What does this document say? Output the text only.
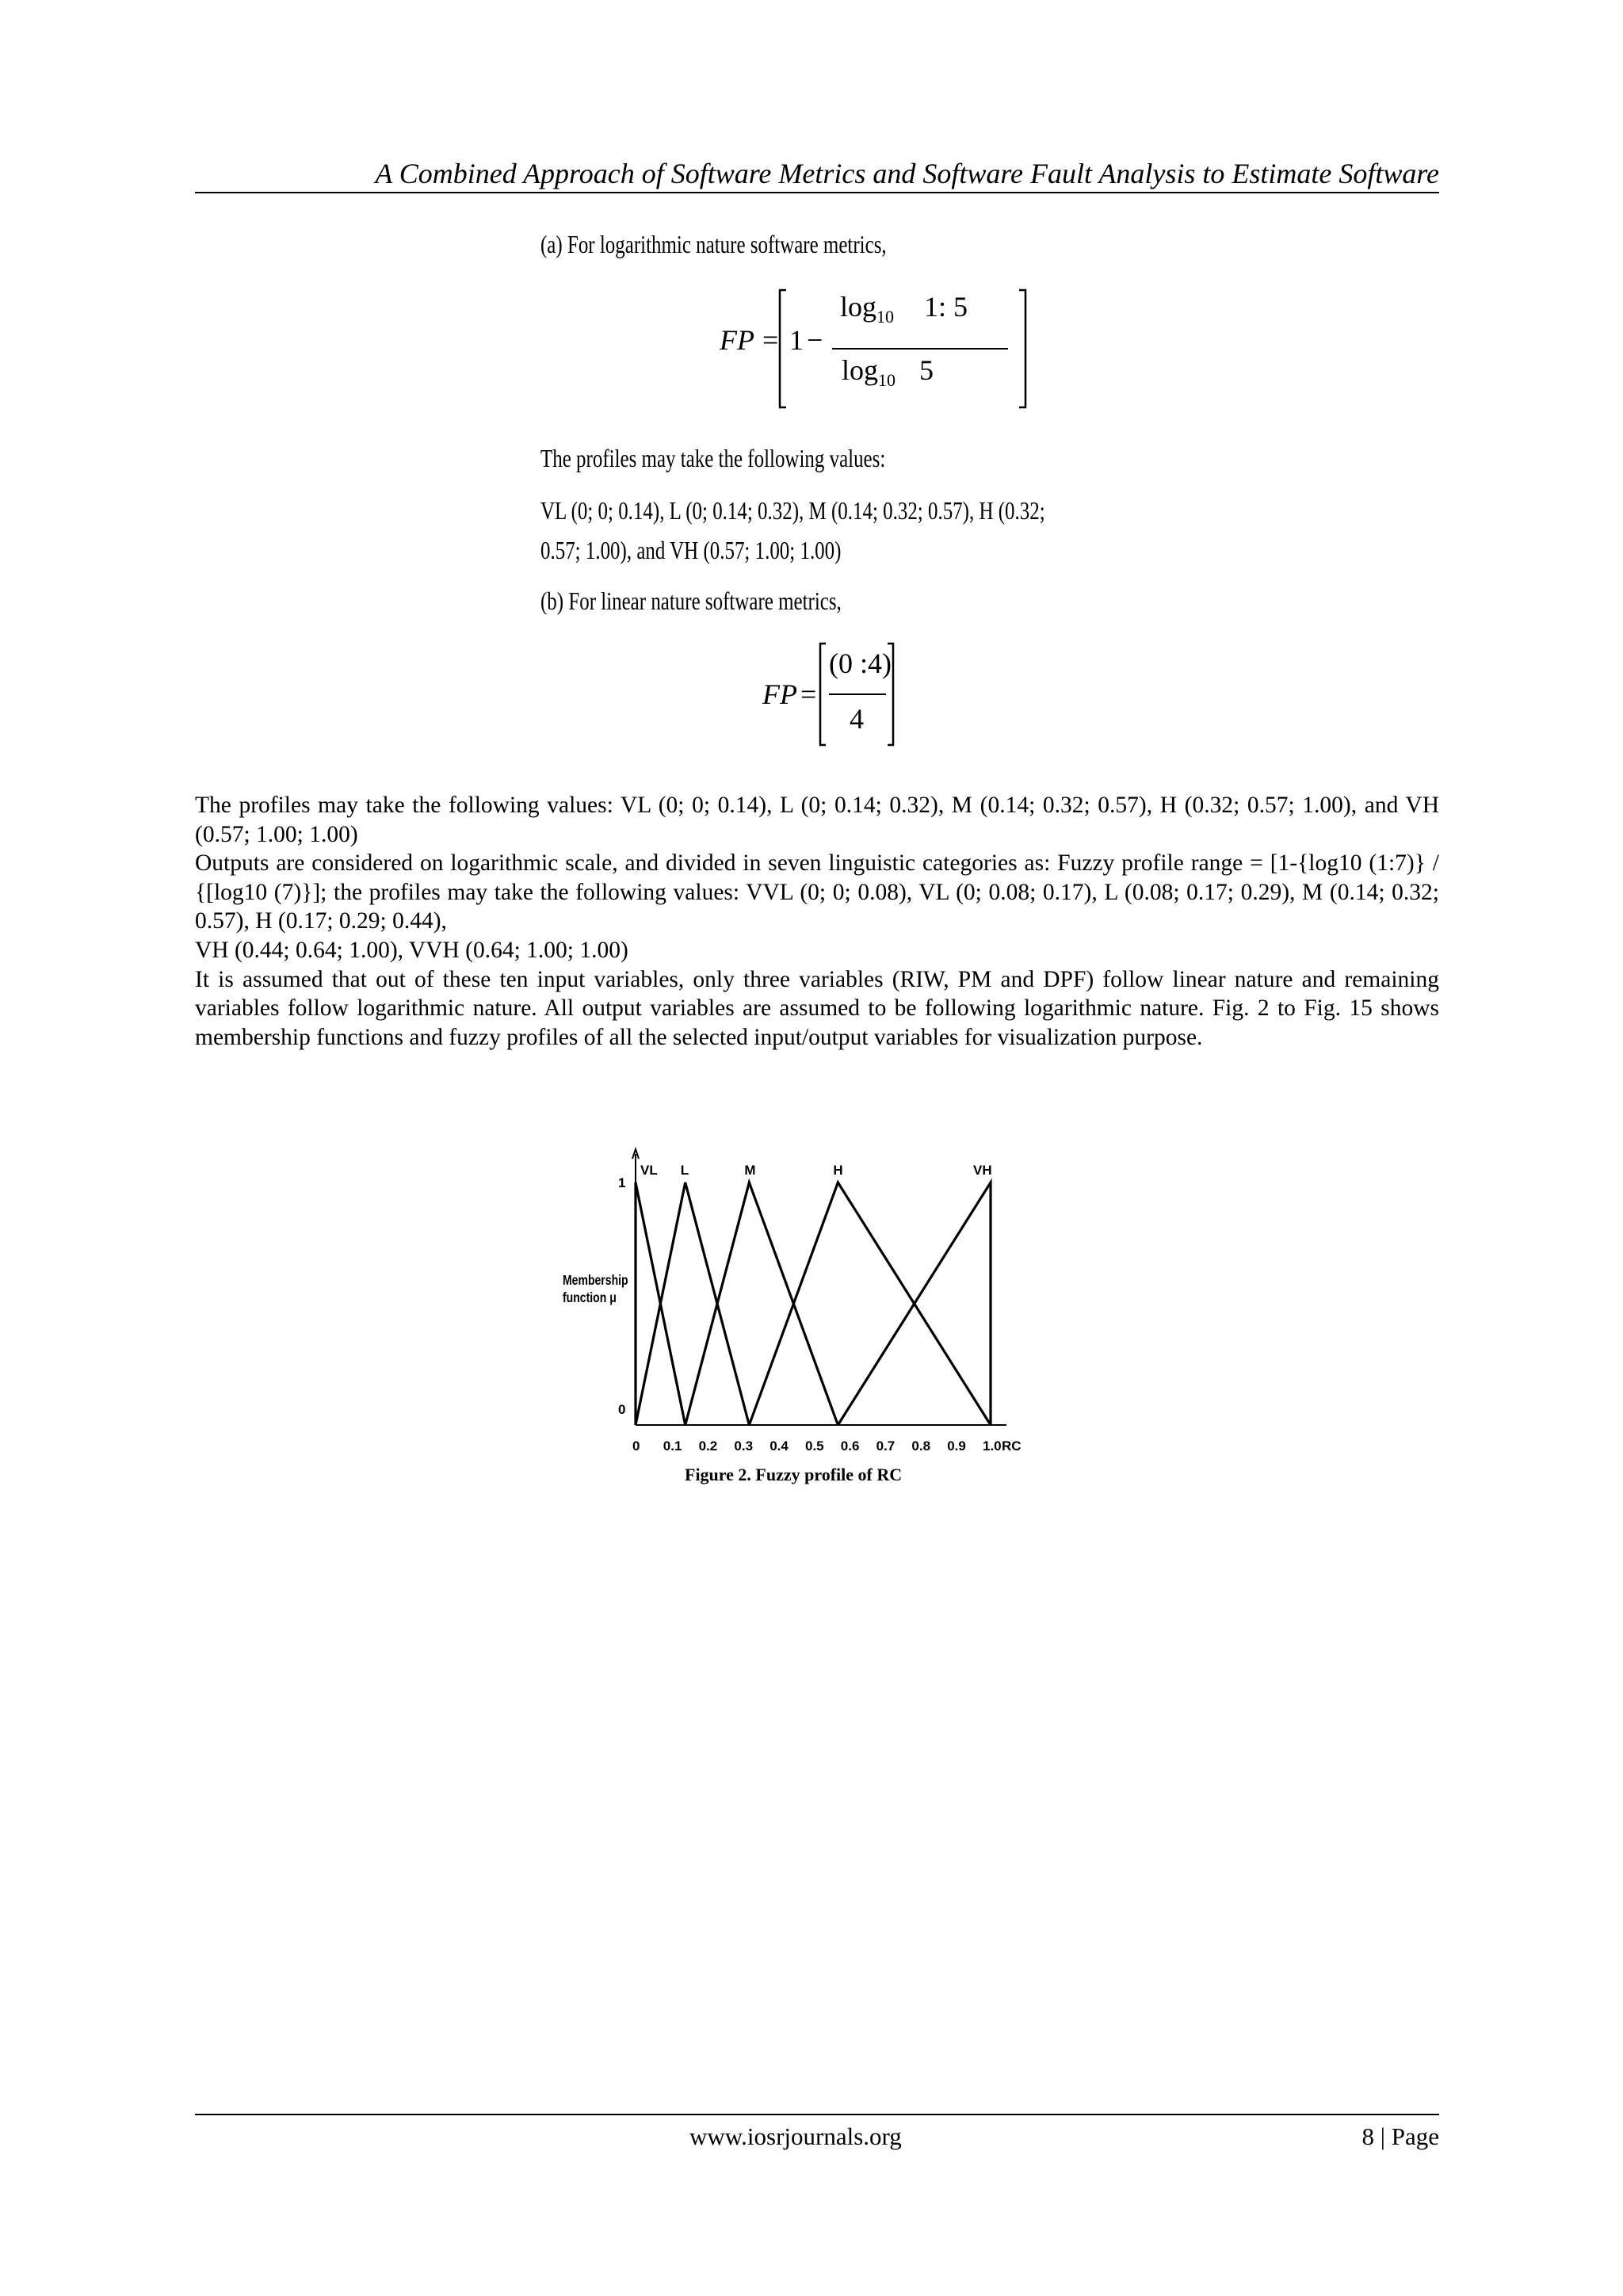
A Combined Approach of Software Metrics and Software Fault Analysis to Estimate Software
(a) For logarithmic nature software metrics,
FP = 1 −
$\log_{10} 1$: 5
$\log_{10} 5$
The profiles may take the following values:
VL (0; 0; 0.14), L (0; 0.14; 0.32), M (0.14; 0.32; 0.57), H (0.32;
0.57; 1.00), and VH (0.57; 1.00; 1.00)
(b) For linear nature software metrics,
FP =
(0 :4)
4

The profiles may take the following values: VL (0; 0; 0.14), L (0; 0.14; 0.32), M (0.14; 0.32; 0.57), H (0.32; 0.57; 1.00), and VH (0.57; 1.00; 1.00)

Outputs are considered on logarithmic scale, and divided in seven linguistic categories as: Fuzzy profile range = [1-{log10 (1:7)} / {[log10 (7)}]; the profiles may take the following values: VVL (0; 0; 0.08), VL (0; 0.08; 0.17), L (0.08; 0.17; 0.29), M (0.14; 0.32; 0.57), H (0.17; 0.29; 0.44),

VH (0.44; 0.64; 1.00), VVH (0.64; 1.00; 1.00)

It is assumed that out of these ten input variables, only three variables (RIW, PM and DPF) follow linear nature and remaining variables follow logarithmic nature. All output variables are assumed to be following logarithmic nature. Fig. 2 to Fig. 15 shows membership functions and fuzzy profiles of all the selected input/output variables for visualization purpose.

Membership
function μ
0 0.1 0.2 0.3 0.4 0.5 0.6 0.7 0.8 0.9 1.0 RC
0
1
VL L	M	H	VH
Figure 2. Fuzzy profile of RC
www.iosrjournals.org	8 | Page
